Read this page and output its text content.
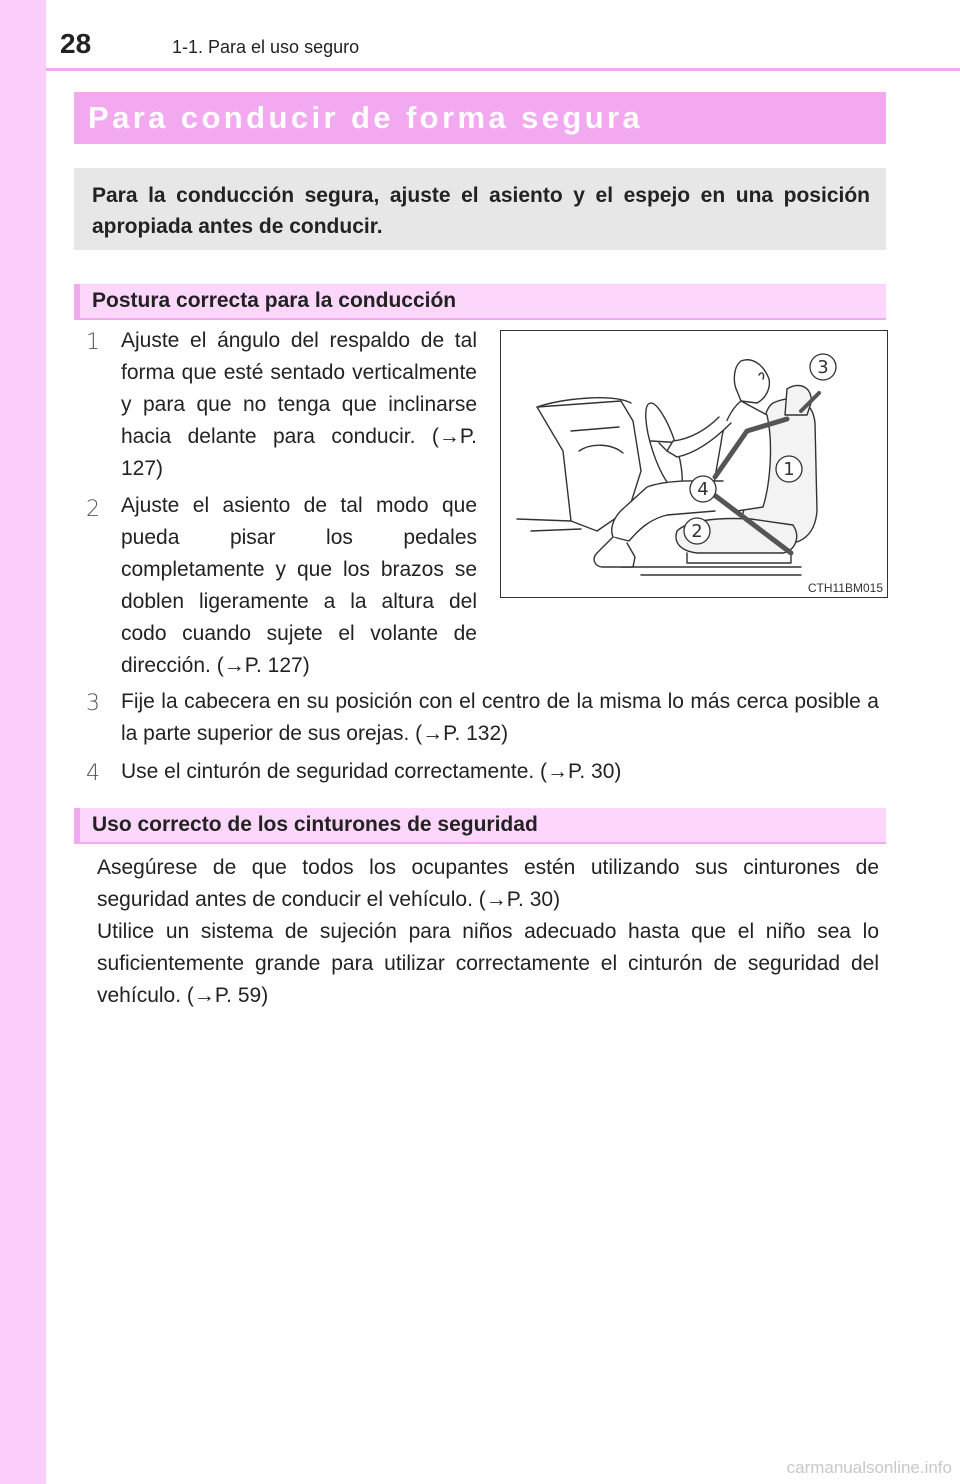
28	1-1. Para el uso seguro
Para conducir de forma segura
Para la conducción segura, ajuste el asiento y el espejo en una posición apropiada antes de conducir.
Postura correcta para la conducción
1 Ajuste el ángulo del respaldo de tal forma que esté sentado verticalmente y para que no tenga que inclinarse hacia delante para conducir. (→P. 127)
2 Ajuste el asiento de tal modo que pueda pisar los pedales completamente y que los brazos se doblen ligeramente a la altura del codo cuando sujete el volante de dirección. (→P. 127)
3 Fije la cabecera en su posición con el centro de la misma lo más cerca posible a la parte superior de sus orejas. (→P. 132)
4 Use el cinturón de seguridad correctamente. (→P. 30)
3
1
4
2
CTH11BM015
Uso correcto de los cinturones de seguridad
Asegúrese de que todos los ocupantes estén utilizando sus cinturones de seguridad antes de conducir el vehículo. (→P. 30)
Utilice un sistema de sujeción para niños adecuado hasta que el niño sea lo suficientemente grande para utilizar correctamente el cinturón de seguridad del vehículo. (→P. 59)
carmanualsonline.info
